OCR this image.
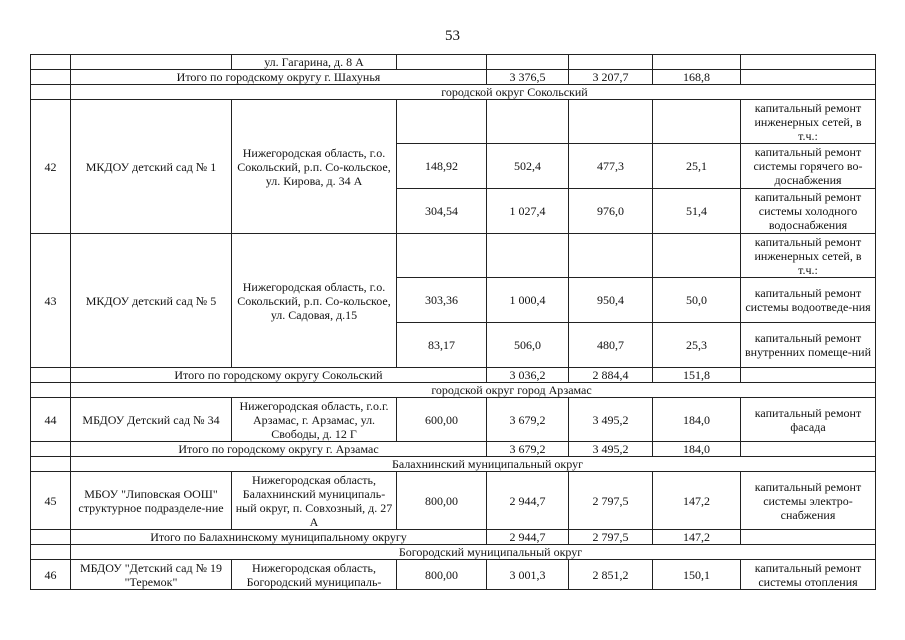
53
		ул. Гагарина, д. 8 А					
	Итого по городскому округу г. Шахунья			3 376,5	3 207,7	168,8	
	городской округ Сокольский						
42	МКДОУ детский сад № 1	Нижегородская область, г.о. Сокольский, р.п. Со-кольское, ул. Кирова, д. 34 А					капитальный ремонт инженерных сетей, в т.ч.:
			148,92	502,4	477,3	25,1	капитальный ремонт системы горячего во-доснабжения
			304,54	1 027,4	976,0	51,4	капитальный ремонт системы холодного водоснабжения
43	МКДОУ детский сад № 5	Нижегородская область, г.о. Сокольский, р.п. Со-кольское, ул. Садовая, д.15					капитальный ремонт инженерных сетей, в т.ч.:
			303,36	1 000,4	950,4	50,0	капитальный ремонт системы водоотведе-ния
			83,17	506,0	480,7	25,3	капитальный ремонт внутренних помеще-ний
	Итого по городскому округу Сокольский			3 036,2	2 884,4	151,8	
	городской округ город Арзамас						
44	МБДОУ Детский сад № 34	Нижегородская область, г.о.г. Арзамас, г. Арзамас, ул. Свободы, д. 12 Г	600,00	3 679,2	3 495,2	184,0	капитальный ремонт фасада
	Итого по городскому округу г. Арзамас			3 679,2	3 495,2	184,0	
	Балахнинский муниципальный округ						
45	МБОУ "Липовская ООШ" структурное подразделе-ние	Нижегородская область, Балахнинский муниципаль-ный округ, п. Совхозный, д. 27 А	800,00	2 944,7	2 797,5	147,2	капитальный ремонт системы электро-снабжения
	Итого по Балахнинскому муниципальному округу			2 944,7	2 797,5	147,2	
	Богородский муниципальный округ						
46	МБДОУ "Детский сад № 19 "Теремок"	Нижегородская область, Богородский муниципаль-	800,00	3 001,3	2 851,2	150,1	капитальный ремонт системы отопления
